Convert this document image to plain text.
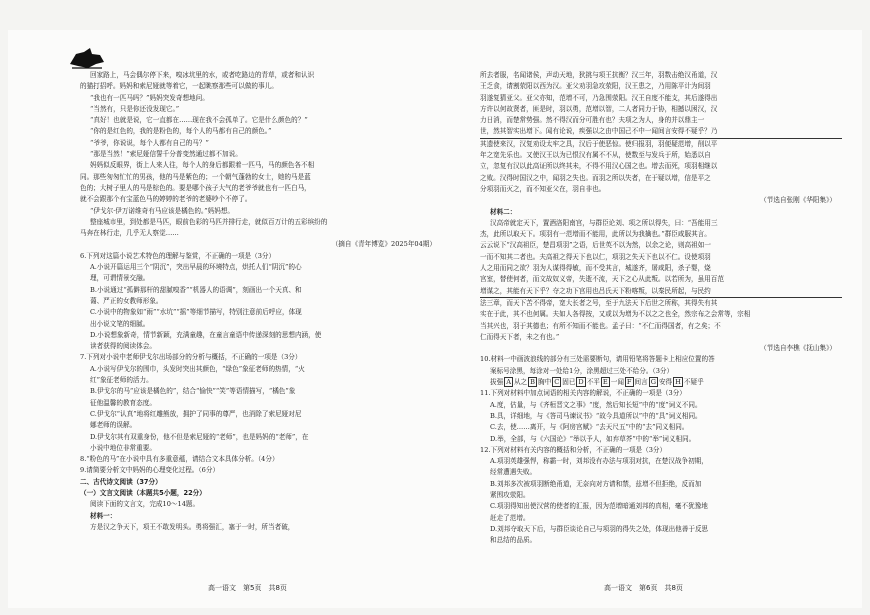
回家路上，马会偶尔停下来，嗅冰坑里的水，或者吃路边的青草，或者和认识

的猫打招呼。妈妈和索尼娅就等着它，一起眺察那些可以做的事儿。

“我也有一匹马吗？”妈妈突发奇想地问。

“当然有，只是你还没发现它。”

“真好！也就是说，它一直都在……现在我不会孤单了。它是什么颜色的？”

“你的是红色的，我的是粉色的，每个人的马都有自己的颜色。”

“爷爷，你说说，每个人都有自己的马？”

“那是当然！”索尼娅信誓千分普变然通过都不加说。

妈妈似反眼界，街上人来人往，每个人的身后都跟着一匹马，马的颜色各不相

同。那些匆匆忙忙的男孩，他的马是紫色的；一个朝气蓬勃的女士，她的马是蓝

色的；大树子里人的马是棕色的。要是哪个孩子大气的老爷爷就也有一匹白马，

就不会跟那个有宝蓝色马的婷婷的老爷的老婆吵个不停了。

“伊戈尔·伊万诺维奇有马应该是橘色的。”妈妈想。

整座城市里，到处都是马匹，眼前色彩的马匹并排行走，就似百万计的五彩缤纷的

马奔在林行走，几乎无人察觉……

（摘自《青年博览》2025年04期）

6.下列对这篇小说艺术特色的理解与鉴赏，不正确的一项是（3分）

A.小说开篇运用三个“阴沉”，突出早晨的环境特点，烘托人们“阴沉”的心

理，可谓情景交融。

B.小说通过“孤僻那杆的甜腻嗅香”“机器人的语调”，刻画出一个天真、和

蔼、严正的女教师形象。

C.小说中的物象如“雨”“水坑”“摇”等细节描写，特别注意前后呼应，体现

出小说文笔的细腻。

D.小说想象新奇，情节新颖，充满童趣，在童言童语中传递深刻的思想内涵，使

读者获得的阅读体会。

7.下列对小说中老师伊戈尔出场部分的分析与概括，不正确的一项是（3分）

A.小说写伊戈尔的围巾，头发时突出其颜色，“绿色”象征老师的热情，“火

红”象征老师的活力。

B.伊戈尔的马“应该是橘色的”，结合“愉快”“笑”等语情描写，“橘色”象

征他温馨的教育态度。

C.伊戈尔“认真”地将红雕熊放，拥护了同事的尊严，也消除了索尼娅对尼

娜老师的误解。

D.伊戈尔其有双重身份，他不但是索尼娅的“老师”，也是妈妈的“老师”，在

小说中地位非常重要。

8.“粉色的马”在小说中具有多重意蕴，请结合文本具体分析。（4分）

9.请简要分析文中妈妈的心理变化过程。（6分）

二、古代诗文阅读（37分）

（一）文言文阅读（本题共5小题，22分）

阅读下面的文言文，完成10～14题。

材料一：

方是汉之争天下，项王不敢发明头。勇将强汇，塞于一时，所当者破，

所去者服，名闻诸侯，声动天地，狄挑与项王抗衡？汉三年，羽数击绝汉甬道，汉

王乏食，请割荥阳以西为汉。亚父劝羽急攻荥阳，汉王患之，乃用陈平计为间羽

羽遂复猜亚父。亚父亦知，范增不可，乃急围荥阳。汉王自度不能支，其后遂得出

方许以何故贤者，匪是时，羽以勇，范增以智，二人者同力于协，相撼以困汉，汉

力日消，而楚常势强。然不得汉而分可胜有也？夫项之为人，身的并以鼎主一

世，然其智实出增下。闻有论说，疾强以之由中国己不中一闻间言安得不疑乎？乃

其遗使来汉，汉复劝设太牢之具，汉后于使恶惊。使归报羽，羽便疑范增，削以平

年之宽先乐也。又使汉王以为已恨汉有属不不从，使数至与发兵于所，始悉以自

立，忽复有汉以此高证所以终其未，不得不用汉心国之也。增去而死，项羽相继以

之败。汉得时国汉之中，闻羽之失也。而羽之所以失者，在于疑以增，信是平之

分项羽而灭之，而不知亚父在，羽自非也。

（节选自张刚《华阳集》）

材料二：

汉高帝就定天下，置酒洛阳南宫，与群臣论刘、项之所以得失，曰：“吾能用三

杰，此所以取天下。项羽有一范增而不能用，此所以为我擒也。”群臣咸服其言。

云云说下“汉高祖臣，楚昌项羽”之语，后世英不以为然，以余之论，则高祖如一

一而不知其二者也。夫高祖之得天下也以仁，项羽之失天下也以不仁。设使项羽

人之用而同之欲？羽为人谋得得敏，而不受其言，城遂齐，屠咸阳，杀子婴，烧

宫室，替使何者，而文故奴义帝，失逝不流，天下之心从此叛。以若所为，虽用百范

增谋之，其能有天下乎？夺之功下宫用也吕氏天下粉喀叛，以秦民所起，与民约

法三章，而天下苦不得帝，宽大长者之号，至于九法天下后世之所称，其得失有其

实在于此，其不也何属。夫如人各得按，又或以为增为不以之之也全，然宗布之会常等，宗相

当其兴也，羽于其德也；有所不知而不能也。孟子曰：“不仁而得国者，有之矣；不

仁而得天下者，未之有也。”

（节选自李樵《抚山集》）

10.材料一中画波浪线的部分有三处需要断句，请用铅笔将答题卡上相应位置的答

案标号涂黑，每涂对一处给1分，涂黑超过三处不给分。（3分）

拔强 A 从之 B 胸中 C 固已 D 不平 E 一闻 F 间言 G 安得 H 不疑乎

11.下列对材料中加点词语的相关内容的解说，不正确的一项是（3分）

A.度，估量，与《齐桓晋文之事》“度，然后知长短”中的“度”词义不同。

B.具，详细地，与《答司马谏议书》“故今具道所以”中的“具”词义相同。

C.去，使……离开，与《阿房宫赋》“去天尺五”中的“去”同义相同。

D.举，全部，与《六国论》“举以予人，如弃草芥”中的“举”词义相同。

12.下列对材料有关内容的概括和分析，不正确的一项是（3分）

A.项羽英雄强悍，称霸一时，刘邦没有办法与项羽对抗，在楚汉战争初期，

经常遭遇失败。

B.刘邦多次被项羽断绝甬道，无奈向对方请和禁，兹增不但拒绝，反而加

紧围攻荥阳。

C.项羽得知出使汉营的使者的汇报，因为范增暗通刘邦的真相，毫不犹豫地

赶走了范增。

D.刘邦夺取天下后，与群臣谈论自己与项羽的得失之处，体现出他善于反思

和总结的品质。

高一语文　第5页　共8页	高一语文　第6页　共8页
